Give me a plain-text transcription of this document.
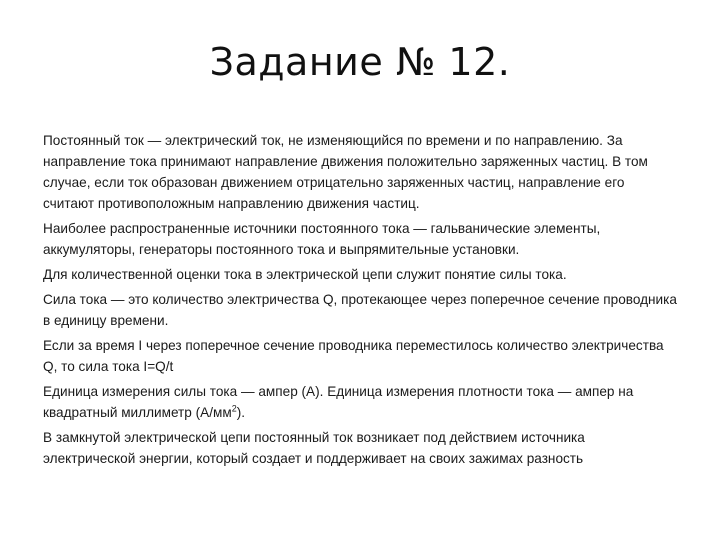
Задание № 12.

Постоянный ток — электрический ток, не изменяющийся по времени и по направлению. За направление тока принимают направление движения положительно заряженных частиц. В том случае, если ток образован движением отрицательно заряженных частиц, направление его считают противоположным направлению движения частиц.

Наиболее распространенные источники постоянного тока — гальванические элементы, аккумуляторы, генераторы постоянного тока и выпрямительные установки.

Для количественной оценки тока в электрической цепи служит понятие силы тока.

Сила тока — это количество электричества Q, протекающее через поперечное сечение проводника в единицу времени.

Если за время I через поперечное сечение проводника переместилось количество электричества Q, то сила тока I=Q/t

Единица измерения силы тока — ампер (А). Единица измерения плотности тока — ампер на квадратный миллиметр $(А/мм^2)$.

В замкнутой электрической цепи постоянный ток возникает под действием источника электрической энергии, который создает и поддерживает на своих зажимах разность
